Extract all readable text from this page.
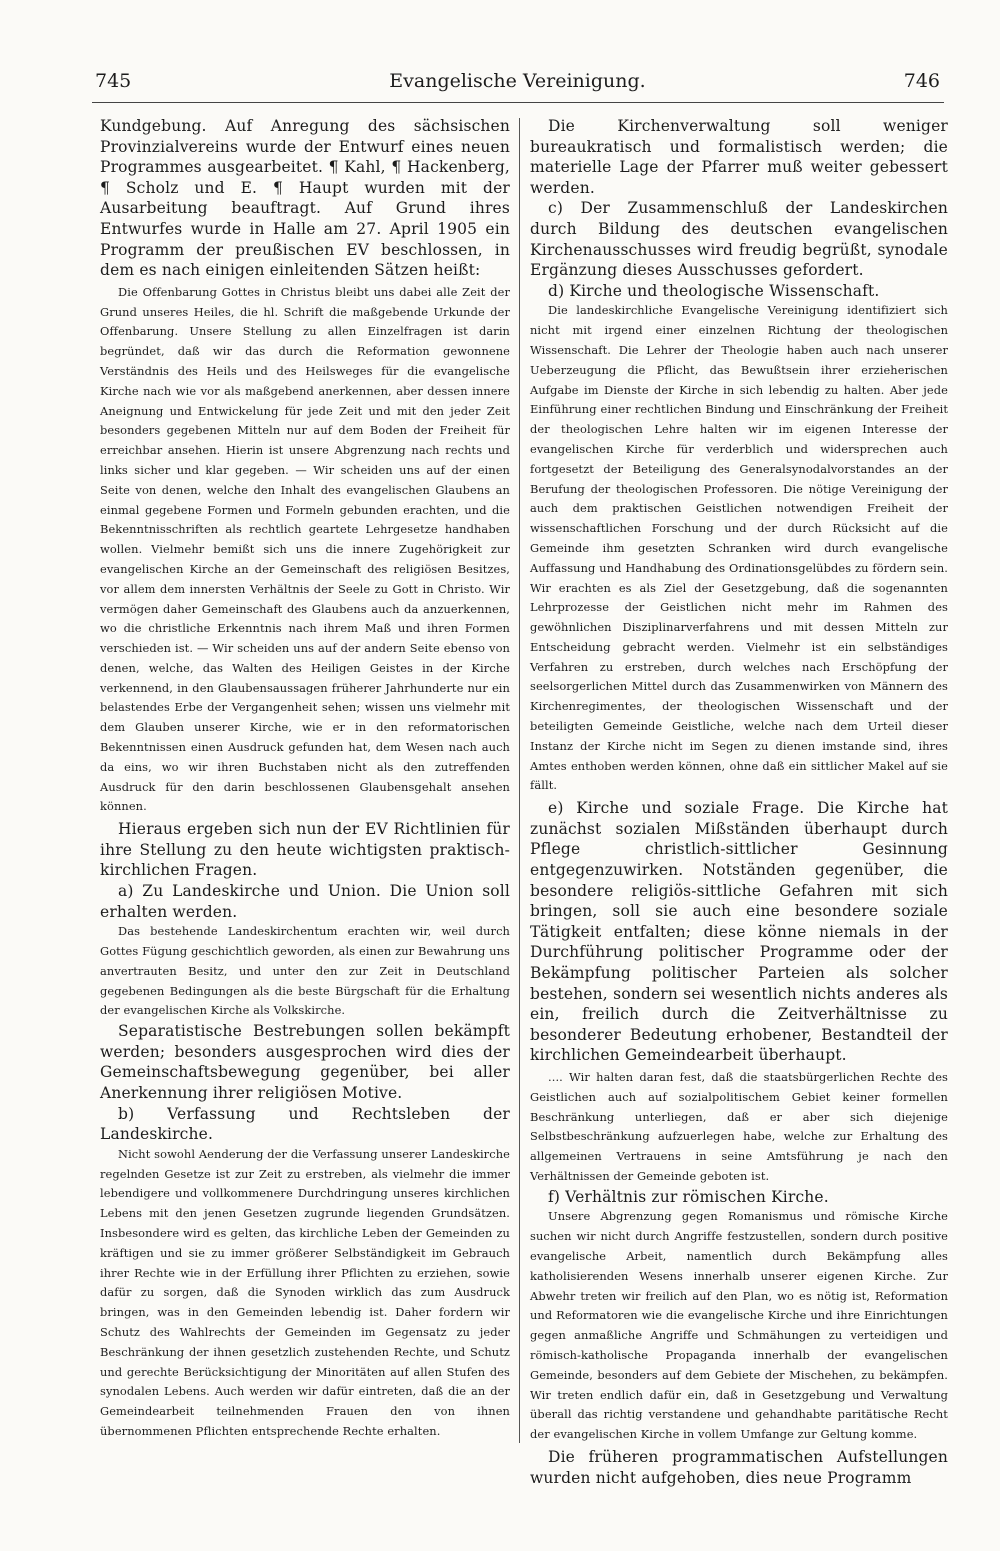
745	Evangelische Vereinigung.	746

Kundgebung. Auf Anregung des sächsischen Provinzialvereins wurde der Entwurf eines neuen Programmes ausgearbeitet. ¶ Kahl, ¶ Hackenberg, ¶ Scholz und E. ¶ Haupt wurden mit der Ausarbeitung beauftragt. Auf Grund ihres Entwurfes wurde in Halle am 27. April 1905 ein Programm der preußischen EV beschlossen, in dem es nach einigen einleitenden Sätzen heißt:

Die Offenbarung Gottes in Christus bleibt uns dabei alle Zeit der Grund unseres Heiles, die hl. Schrift die maßgebende Urkunde der Offenbarung. Unsere Stellung zu allen Einzelfragen ist darin begründet, daß wir das durch die Reformation gewonnene Verständnis des Heils und des Heilsweges für die evangelische Kirche nach wie vor als maßgebend anerkennen, aber dessen innere Aneignung und Entwickelung für jede Zeit und mit den jeder Zeit besonders gegebenen Mitteln nur auf dem Boden der Freiheit für erreichbar ansehen. Hierin ist unsere Abgrenzung nach rechts und links sicher und klar gegeben. — Wir scheiden uns auf der einen Seite von denen, welche den Inhalt des evangelischen Glaubens an einmal gegebene Formen und Formeln gebunden erachten, und die Bekenntnisschriften als rechtlich geartete Lehrgesetze handhaben wollen. Vielmehr bemißt sich uns die innere Zugehörigkeit zur evangelischen Kirche an der Gemeinschaft des religiösen Besitzes, vor allem dem innersten Verhältnis der Seele zu Gott in Christo. Wir vermögen daher Gemeinschaft des Glaubens auch da anzuerkennen, wo die christliche Erkenntnis nach ihrem Maß und ihren Formen verschieden ist. — Wir scheiden uns auf der andern Seite ebenso von denen, welche, das Walten des Heiligen Geistes in der Kirche verkennend, in den Glaubensaussagen früherer Jahrhunderte nur ein belastendes Erbe der Vergangenheit sehen; wissen uns vielmehr mit dem Glauben unserer Kirche, wie er in den reformatorischen Bekenntnissen einen Ausdruck gefunden hat, dem Wesen nach auch da eins, wo wir ihren Buchstaben nicht als den zutreffenden Ausdruck für den darin beschlossenen Glaubensgehalt ansehen können.

Hieraus ergeben sich nun der EV Richtlinien für ihre Stellung zu den heute wichtigsten praktisch-kirchlichen Fragen.

a) Zu Landeskirche und Union. Die Union soll erhalten werden.

Das bestehende Landeskirchentum erachten wir, weil durch Gottes Fügung geschichtlich geworden, als einen zur Bewahrung uns anvertrauten Besitz, und unter den zur Zeit in Deutschland gegebenen Bedingungen als die beste Bürgschaft für die Erhaltung der evangelischen Kirche als Volkskirche.

Separatistische Bestrebungen sollen bekämpft werden; besonders ausgesprochen wird dies der Gemeinschaftsbewegung gegenüber, bei aller Anerkennung ihrer religiösen Motive.

b) Verfassung und Rechtsleben der Landeskirche.

Nicht sowohl Aenderung der die Verfassung unserer Landeskirche regelnden Gesetze ist zur Zeit zu erstreben, als vielmehr die immer lebendigere und vollkommenere Durchdringung unseres kirchlichen Lebens mit den jenen Gesetzen zugrunde liegenden Grundsätzen. Insbesondere wird es gelten, das kirchliche Leben der Gemeinden zu kräftigen und sie zu immer größerer Selbständigkeit im Gebrauch ihrer Rechte wie in der Erfüllung ihrer Pflichten zu erziehen, sowie dafür zu sorgen, daß die Synoden wirklich das zum Ausdruck bringen, was in den Gemeinden lebendig ist. Daher fordern wir Schutz des Wahlrechts der Gemeinden im Gegensatz zu jeder Beschränkung der ihnen gesetzlich zustehenden Rechte, und Schutz und gerechte Berücksichtigung der Minoritäten auf allen Stufen des synodalen Lebens. Auch werden wir dafür eintreten, daß die an der Gemeindearbeit teilnehmenden Frauen den von ihnen übernommenen Pflichten entsprechende Rechte erhalten.

Die Kirchenverwaltung soll weniger bureaukratisch und formalistisch werden; die materielle Lage der Pfarrer muß weiter gebessert werden.

c) Der Zusammenschluß der Landeskirchen durch Bildung des deutschen evangelischen Kirchenausschusses wird freudig begrüßt, synodale Ergänzung dieses Ausschusses gefordert.

d) Kirche und theologische Wissenschaft.

Die landeskirchliche Evangelische Vereinigung identifiziert sich nicht mit irgend einer einzelnen Richtung der theologischen Wissenschaft. Die Lehrer der Theologie haben auch nach unserer Ueberzeugung die Pflicht, das Bewußtsein ihrer erzieherischen Aufgabe im Dienste der Kirche in sich lebendig zu halten. Aber jede Einführung einer rechtlichen Bindung und Einschränkung der Freiheit der theologischen Lehre halten wir im eigenen Interesse der evangelischen Kirche für verderblich und widersprechen auch fortgesetzt der Beteiligung des Generalsynodalvorstandes an der Berufung der theologischen Professoren. Die nötige Vereinigung der auch dem praktischen Geistlichen notwendigen Freiheit der wissenschaftlichen Forschung und der durch Rücksicht auf die Gemeinde ihm gesetzten Schranken wird durch evangelische Auffassung und Handhabung des Ordinationsgelübdes zu fördern sein. Wir erachten es als Ziel der Gesetzgebung, daß die sogenannten Lehrprozesse der Geistlichen nicht mehr im Rahmen des gewöhnlichen Disziplinarverfahrens und mit dessen Mitteln zur Entscheidung gebracht werden. Vielmehr ist ein selbständiges Verfahren zu erstreben, durch welches nach Erschöpfung der seelsorgerlichen Mittel durch das Zusammenwirken von Männern des Kirchenregimentes, der theologischen Wissenschaft und der beteiligten Gemeinde Geistliche, welche nach dem Urteil dieser Instanz der Kirche nicht im Segen zu dienen imstande sind, ihres Amtes enthoben werden können, ohne daß ein sittlicher Makel auf sie fällt.

e) Kirche und soziale Frage. Die Kirche hat zunächst sozialen Mißständen überhaupt durch Pflege christlich-sittlicher Gesinnung entgegenzuwirken. Notständen gegenüber, die besondere religiös-sittliche Gefahren mit sich bringen, soll sie auch eine besondere soziale Tätigkeit entfalten; diese könne niemals in der Durchführung politischer Programme oder der Bekämpfung politischer Parteien als solcher bestehen, sondern sei wesentlich nichts anderes als ein, freilich durch die Zeitverhältnisse zu besonderer Bedeutung erhobener, Bestandteil der kirchlichen Gemeindearbeit überhaupt.

.... Wir halten daran fest, daß die staatsbürgerlichen Rechte des Geistlichen auch auf sozialpolitischem Gebiet keiner formellen Beschränkung unterliegen, daß er aber sich diejenige Selbstbeschränkung aufzuerlegen habe, welche zur Erhaltung des allgemeinen Vertrauens in seine Amtsführung je nach den Verhältnissen der Gemeinde geboten ist.

f) Verhältnis zur römischen Kirche.

Unsere Abgrenzung gegen Romanismus und römische Kirche suchen wir nicht durch Angriffe festzustellen, sondern durch positive evangelische Arbeit, namentlich durch Bekämpfung alles katholisierenden Wesens innerhalb unserer eigenen Kirche. Zur Abwehr treten wir freilich auf den Plan, wo es nötig ist, Reformation und Reformatoren wie die evangelische Kirche und ihre Einrichtungen gegen anmaßliche Angriffe und Schmähungen zu verteidigen und römisch-katholische Propaganda innerhalb der evangelischen Gemeinde, besonders auf dem Gebiete der Mischehen, zu bekämpfen. Wir treten endlich dafür ein, daß in Gesetzgebung und Verwaltung überall das richtig verstandene und gehandhabte paritätische Recht der evangelischen Kirche in vollem Umfange zur Geltung komme.

Die früheren programmatischen Aufstellungen wurden nicht aufgehoben, dies neue Programm
